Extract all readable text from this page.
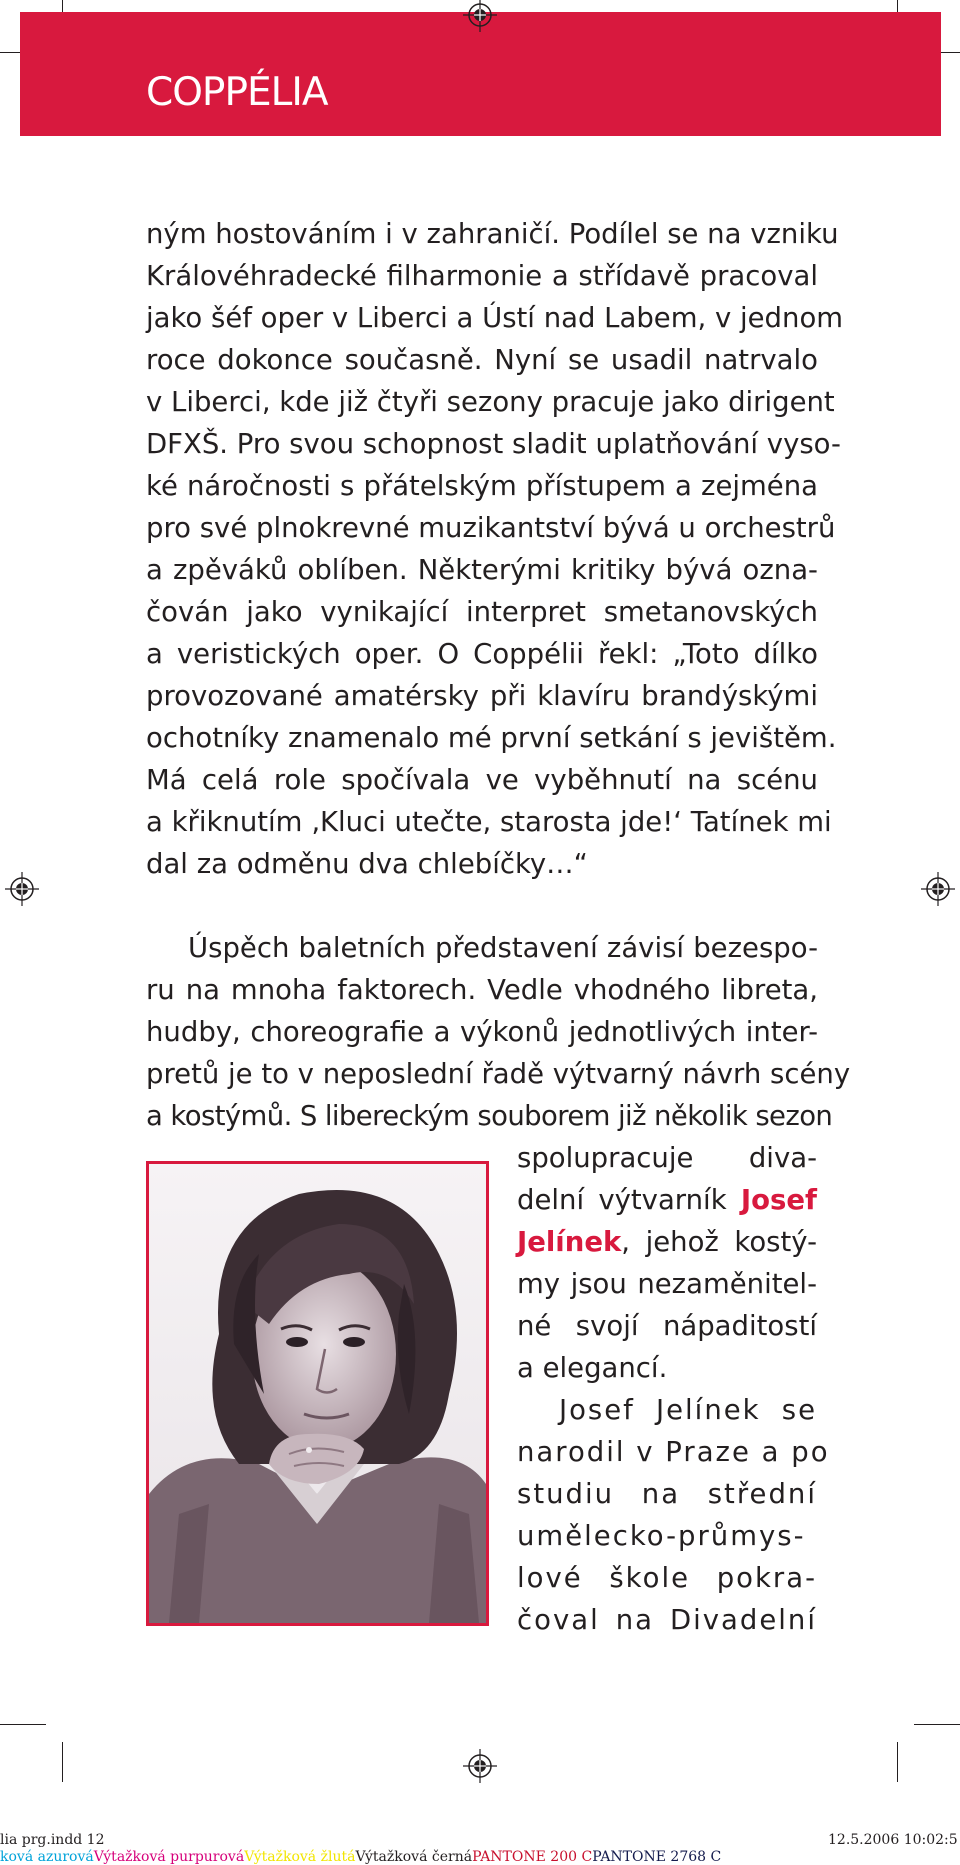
COPPÉLIA
ným hostováním i v zahraničí. Podílel se na vzniku
Královéhradecké filharmonie a střídavě pracoval
jako šéf oper v Liberci a Ústí nad Labem, v jednom
roce dokonce současně. Nyní se usadil natrvalo
v Liberci, kde již čtyři sezony pracuje jako dirigent
DFXŠ. Pro svou schopnost sladit uplatňování vyso-
ké náročnosti s přátelským přístupem a zejména
pro své plnokrevné muzikantství bývá u orchestrů
a zpěváků oblíben. Některými kritiky bývá ozna-
čován jako vynikající interpret smetanovských
a veristických oper. O Coppélii řekl: „Toto dílko
provozované amatérsky při klavíru brandýskými
ochotníky znamenalo mé první setkání s jevištěm.
Má celá role spočívala ve vyběhnutí na scénu
a křiknutím ‚Kluci utečte, starosta jde!‘ Tatínek mi
dal za odměnu dva chlebíčky…“
Úspěch baletních představení závisí bezespo-
ru na mnoha faktorech. Vedle vhodného libreta,
hudby, choreografie a výkonů jednotlivých inter-
pretů je to v neposlední řadě výtvarný návrh scény
a kostýmů. S libereckým souborem již několik sezon
spolupracuje diva-
delní výtvarník Josef
Jelínek, jehož kostý-
my jsou nezaměnitel-
né svojí nápaditostí
a elegancí.
Josef Jelínek se
narodil v Praze a po
studiu na střední
umělecko-průmys-
lové škole pokra-
čoval na Divadelní
lia prg.indd 12	12.5.2006 10:02:5
ková azurováVýtažková purpurováVýtažková žlutáVýtažková černáPANTONE 200 CPANTONE 2768 C
